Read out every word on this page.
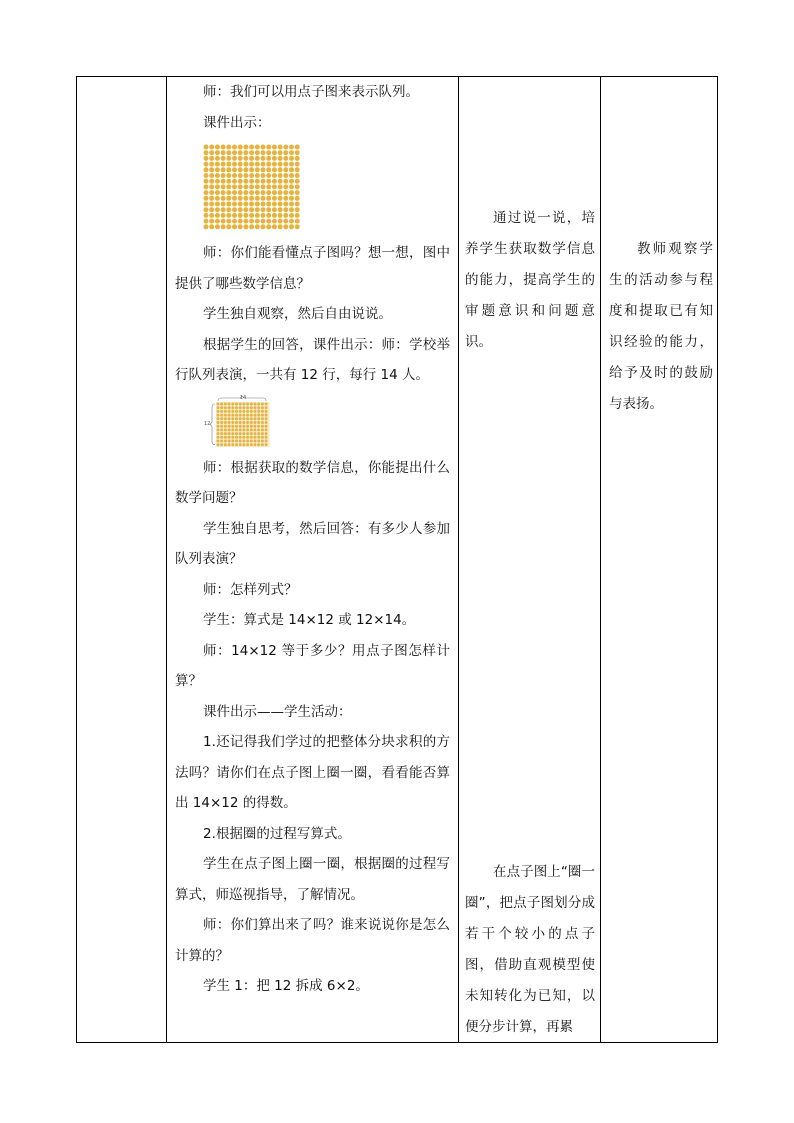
师：我们可以用点子图来表示队列。

课件出示：

师：你们能看懂点子图吗？想一想，图中提供了哪些数学信息？

学生独自观察，然后自由说说。

根据学生的回答，课件出示：师：学校举行队列表演，一共有 12 行，每行 14 人。

14
12

师：根据获取的数学信息，你能提出什么数学问题？

学生独自思考，然后回答：有多少人参加队列表演？

师：怎样列式？

学生：算式是 14×12 或 12×14。

师：14×12 等于多少？用点子图怎样计算？

课件出示——学生活动：

1.还记得我们学过的把整体分块求积的方法吗？请你们在点子图上圈一圈，看看能否算出 14×12 的得数。

2.根据圈的过程写算式。

学生在点子图上圈一圈，根据圈的过程写算式，师巡视指导，了解情况。

师：你们算出来了吗？谁来说说你是怎么计算的？

学生 1：把 12 拆成 6×2。

通过说一说，培养学生获取数学信息的能力，提高学生的审题意识和问题意识。

在点子图上“圈一圈”，把点子图划分成若干个较小的点子图，借助直观模型使未知转化为已知，以便分步计算，再累

教师观察学生的活动参与程度和提取已有知识经验的能力，给予及时的鼓励与表扬。
